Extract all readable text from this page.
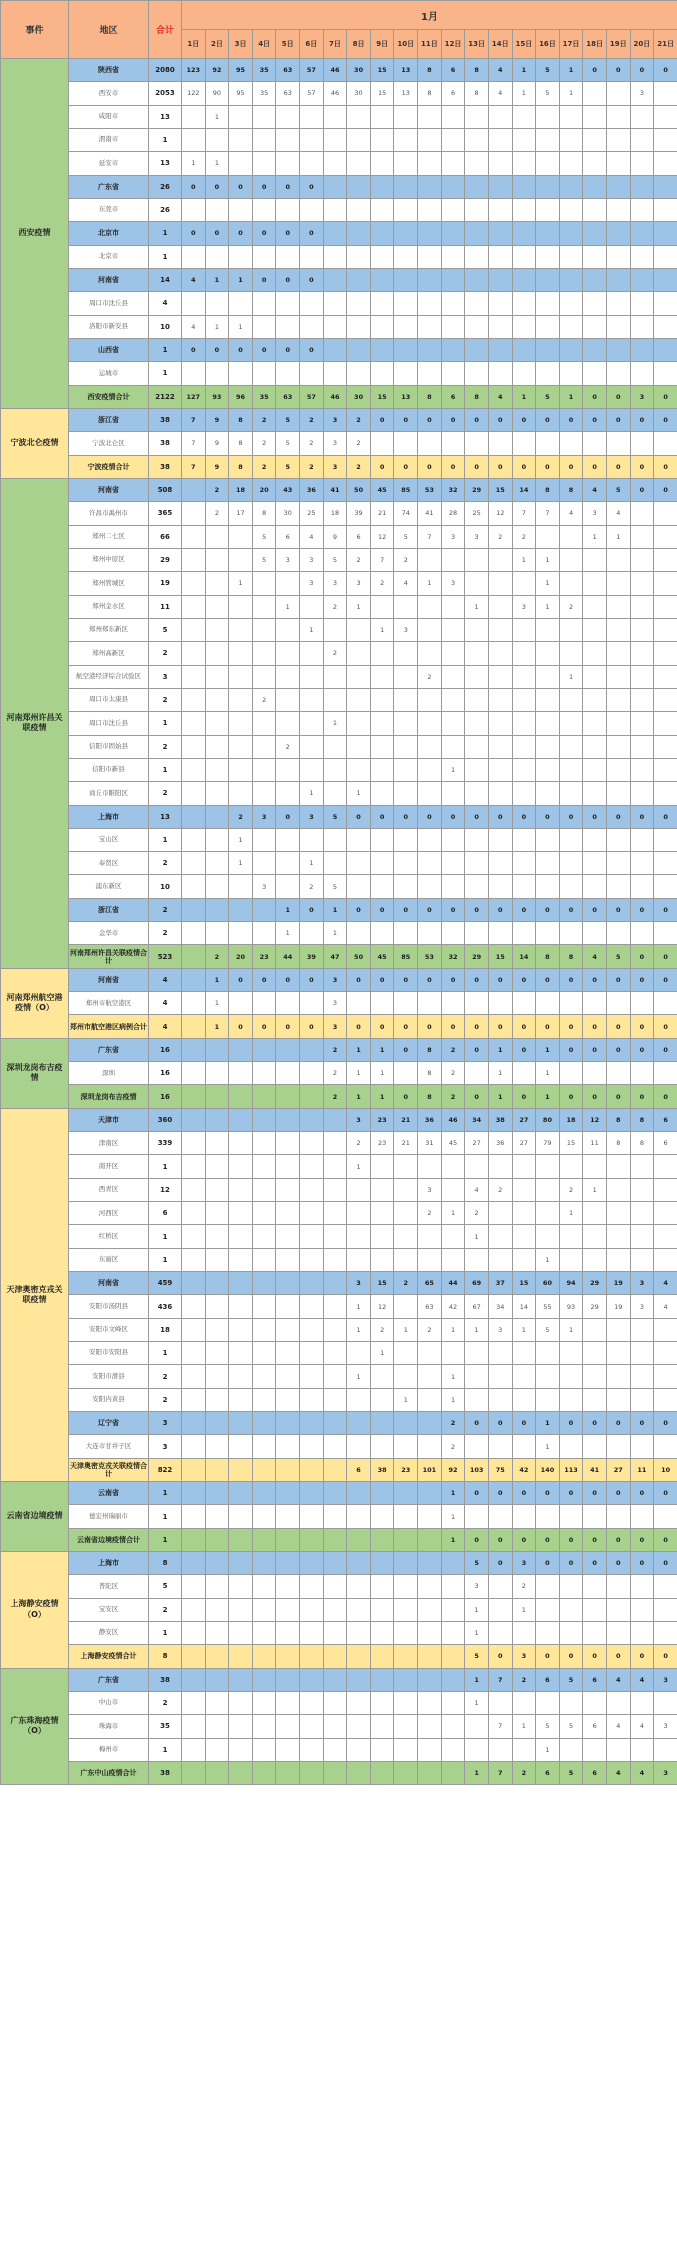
事件	地区	合计	1月																				
			1日	2日	3日	4日	5日	6日	7日	8日	9日	10日	11日	12日	13日	14日	15日	16日	17日	18日	19日	20日	21日
西安疫情	陕西省	2080	123	92	95	35	63	57	46	30	15	13	8	6	8	4	1	5	1	0	0	0	0
	西安市	2053	122	90	95	35	63	57	46	30	15	13	8	6	8	4	1	5	1			3	
	咸阳市	13		1																			
	渭南市	1																					
	延安市	13	1	1																			
	广东省	26	0	0	0	0	0	0															
	东莞市	26																					
	北京市	1	0	0	0	0	0	0															
	北京市	1																					
	河南省	14	4	1	1	0	0	0															
	周口市沈丘县	4																					
	洛阳市新安县	10	4	1	1																		
	山西省	1	0	0	0	0	0	0															
	运城市	1																					
	西安疫情合计	2122	127	93	96	35	63	57	46	30	15	13	8	6	8	4	1	5	1	0	0	3	0
宁波北仑疫情	浙江省	38	7	9	8	2	5	2	3	2	0	0	0	0	0	0	0	0	0	0	0	0	0
	宁波北仑区	38	7	9	8	2	5	2	3	2													
	宁波疫情合计	38	7	9	8	2	5	2	3	2	0	0	0	0	0	0	0	0	0	0	0	0	0
河南郑州许昌关联疫情	河南省	508		2	18	20	43	36	41	50	45	85	53	32	29	15	14	8	8	4	5	0	0
	许昌市禹州市	365		2	17	8	30	25	18	39	21	74	41	28	25	12	7	7	4	3	4		
	郑州二七区	66				5	6	4	9	6	12	5	7	3	3	2	2			1	1		
	郑州中原区	29				5	3	3	5	2	7	2					1	1					
	郑州管城区	19			1			3	3	3	2	4	1	3				1					
	郑州金水区	11					1		2	1					1		3	1	2				
	郑州郑东新区	5						1			1	3											
	郑州高新区	2							2														
	航空港经济综合试验区	3											2						1				
	周口市太康县	2				2																	
	周口市沈丘县	1							1														
	信阳市固始县	2					2																
	信阳市新县	1												1									
	商丘市睢阳区	2						1		1													
	上海市	13			2	3	0	3	5	0	0	0	0	0	0	0	0	0	0	0	0	0	0
	宝山区	1			1																		
	奉贤区	2			1			1															
	浦东新区	10				3		2	5														
	浙江省	2					1	0	1	0	0	0	0	0	0	0	0	0	0	0	0	0	0
	金华市	2					1		1														
	河南郑州许昌关联疫情合计	523		2	20	23	44	39	47	50	45	85	53	32	29	15	14	8	8	4	5	0	0
河南郑州航空港疫情（O）	河南省	4		1	0	0	0	0	3	0	0	0	0	0	0	0	0	0	0	0	0	0	0
	郑州市航空港区	4		1					3														
	郑州市航空港区病例合计	4		1	0	0	0	0	3	0	0	0	0	0	0	0	0	0	0	0	0	0	0
深圳龙岗布吉疫情	广东省	16							2	1	1	0	8	2	0	1	0	1	0	0	0	0	0
	深圳	16							2	1	1		8	2		1		1					
	深圳龙岗布吉疫情	16							2	1	1	0	8	2	0	1	0	1	0	0	0	0	0
天津奥密克戎关联疫情	天津市	360								3	23	21	36	46	34	38	27	80	18	12	8	8	6
	津南区	339								2	23	21	31	45	27	36	27	79	15	11	8	8	6
	南开区	1								1													
	西青区	12											3		4	2			2	1			
	河西区	6											2	1	2				1				
	红桥区	1													1								
	东丽区	1																1					
	河南省	459								3	15	2	65	44	69	37	15	60	94	29	19	3	4
	安阳市汤阴县	436								1	12		63	42	67	34	14	55	93	29	19	3	4
	安阳市文峰区	18								1	2	1	2	1	1	3	1	5	1				
	安阳市安阳县	1									1												
	安阳市滑县	2								1				1									
	安阳内黄县	2										1		1									
	辽宁省	3												2	0	0	0	1	0	0	0	0	0
	大连市甘井子区	3												2				1					
	天津奥密克戎关联疫情合计	822								6	38	23	101	92	103	75	42	140	113	41	27	11	10
云南省边境疫情	云南省	1												1	0	0	0	0	0	0	0	0	0
	德宏州瑞丽市	1												1									
	云南省边境疫情合计	1												1	0	0	0	0	0	0	0	0	0
上海静安疫情（O）	上海市	8													5	0	3	0	0	0	0	0	0
	普陀区	5													3		2						
	宝安区	2													1		1						
	静安区	1													1								
	上海静安疫情合计	8													5	0	3	0	0	0	0	0	0
广东珠海疫情（O）	广东省	38													1	7	2	6	5	6	4	4	3
	中山市	2													1								
	珠海市	35														7	1	5	5	6	4	4	3
	梅州市	1																1					
	广东中山疫情合计	38													1	7	2	6	5	6	4	4	3
